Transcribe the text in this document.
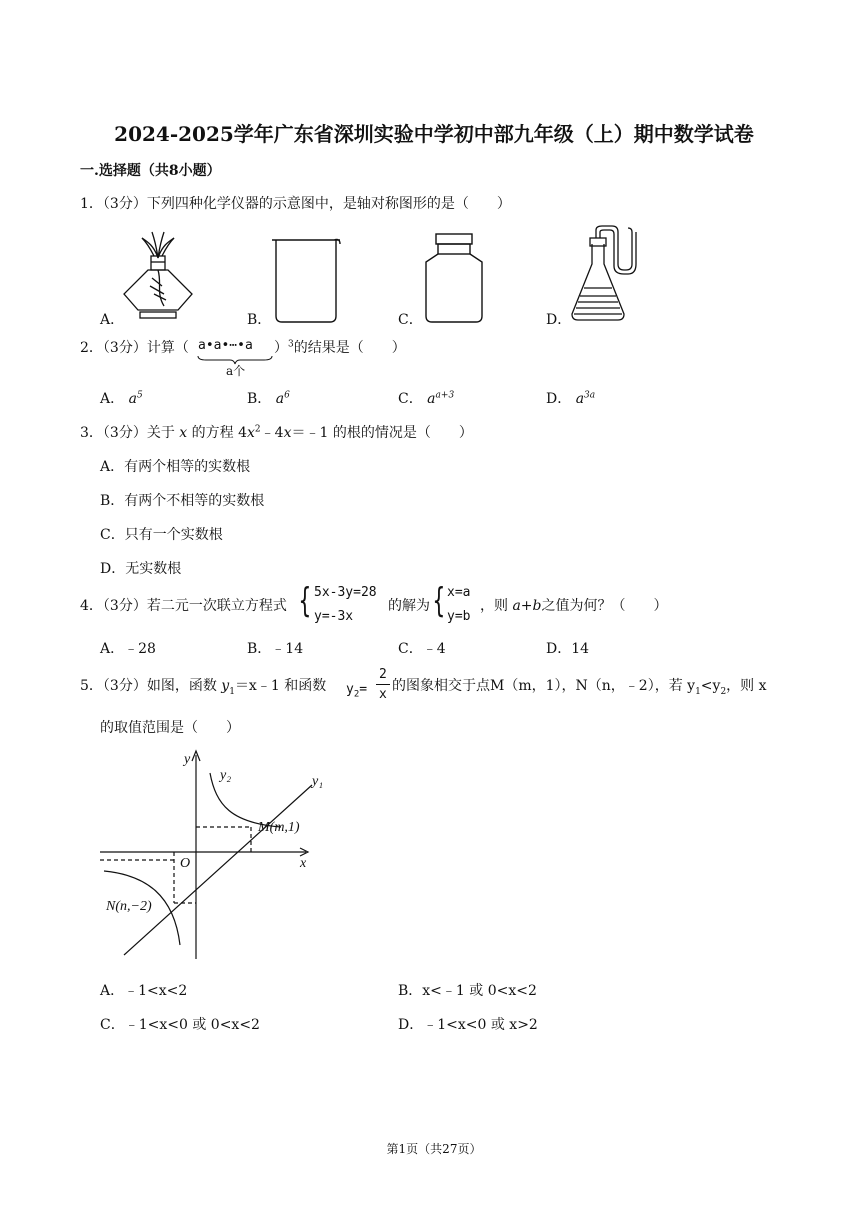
2024-2025学年广东省深圳实验中学初中部九年级（上）期中数学试卷
一.选择题（共8小题）
1．（3分）下列四种化学仪器的示意图中，是轴对称图形的是（　　）
A．	B．	C．	D．
2．（3分）计算（ a•a•⋯•a
a个
）$^3$的结果是（　　）
A． $a^5$	B． $a^6$	C． $a^{a+3}$	D． $a^{3a}$
3．（3分）关于 x 的方程 $4x^2﹣4x=﹣1$ 的根的情况是（　　）
A．有两个相等的实数根
B．有两个不相等的实数根
C．只有一个实数根
D．无实数根
4．（3分）若二元一次联立方程式 { 5x-3y=28
y=-3x
的解为 { x=a
y=b
，则 a+b之值为何？（　　）
A．﹣28	B．﹣14	C．﹣4	D．14
5．（3分）如图，函数 $y_1=x﹣1$ 和函数 $y_2=$
2
x
的图象相交于点M（m，1），N（n，﹣2），若 $y_1<y_2$，则 x
的取值范围是（　　）
y
x
O
y₁
y₂
M(m,1)
N(n,−2)
A．﹣1<x<2	B．x<﹣1 或 0<x<2
C．﹣1<x<0 或 0<x<2	D．﹣1<x<0 或 x>2
第1页（共27页）
